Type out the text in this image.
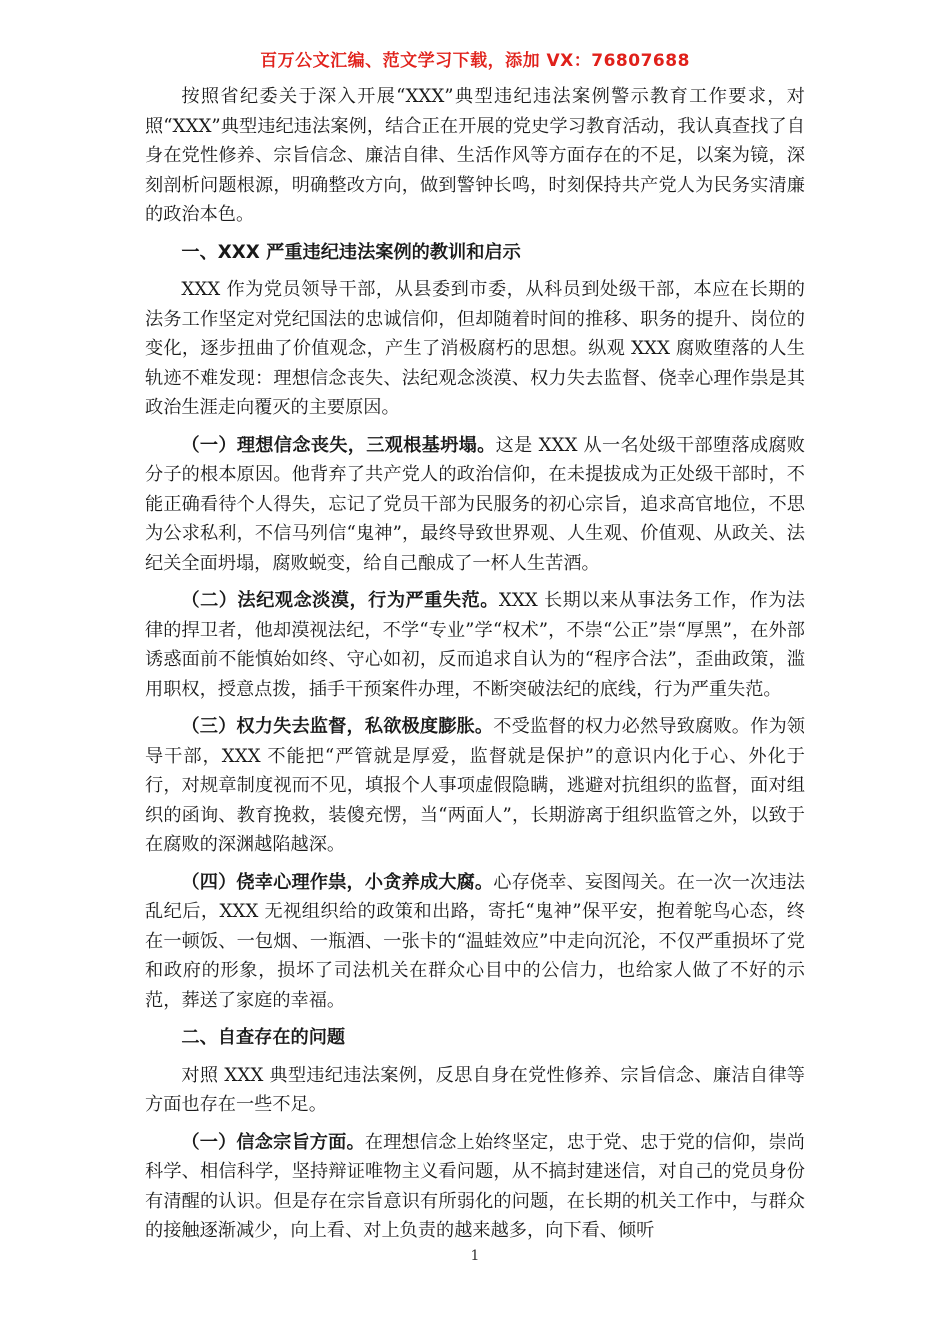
百万公文汇编、范文学习下载，添加 VX：76807688

按照省纪委关于深入开展“XXX”典型违纪违法案例警示教育工作要求，对照“XXX”典型违纪违法案例，结合正在开展的党史学习教育活动，我认真查找了自身在党性修养、宗旨信念、廉洁自律、生活作风等方面存在的不足，以案为镜，深刻剖析问题根源，明确整改方向，做到警钟长鸣，时刻保持共产党人为民务实清廉的政治本色。

一、XXX 严重违纪违法案例的教训和启示

XXX 作为党员领导干部，从县委到市委，从科员到处级干部，本应在长期的法务工作坚定对党纪国法的忠诚信仰，但却随着时间的推移、职务的提升、岗位的变化，逐步扭曲了价值观念，产生了消极腐朽的思想。纵观 XXX 腐败堕落的人生轨迹不难发现：理想信念丧失、法纪观念淡漠、权力失去监督、侥幸心理作祟是其政治生涯走向覆灭的主要原因。

（一）理想信念丧失，三观根基坍塌。这是 XXX 从一名处级干部堕落成腐败分子的根本原因。他背弃了共产党人的政治信仰，在未提拔成为正处级干部时，不能正确看待个人得失，忘记了党员干部为民服务的初心宗旨，追求高官地位，不思为公求私利，不信马列信“鬼神”，最终导致世界观、人生观、价值观、从政关、法纪关全面坍塌，腐败蜕变，给自己酿成了一杯人生苦酒。

（二）法纪观念淡漠，行为严重失范。XXX 长期以来从事法务工作，作为法律的捍卫者，他却漠视法纪，不学“专业”学“权术”，不崇“公正”崇“厚黑”，在外部诱惑面前不能慎始如终、守心如初，反而追求自认为的“程序合法”，歪曲政策，滥用职权，授意点拨，插手干预案件办理，不断突破法纪的底线，行为严重失范。

（三）权力失去监督，私欲极度膨胀。不受监督的权力必然导致腐败。作为领导干部，XXX 不能把“严管就是厚爱，监督就是保护”的意识内化于心、外化于行，对规章制度视而不见，填报个人事项虚假隐瞒，逃避对抗组织的监督，面对组织的函询、教育挽救，装傻充愣，当“两面人”，长期游离于组织监管之外，以致于在腐败的深渊越陷越深。

（四）侥幸心理作祟，小贪养成大腐。心存侥幸、妄图闯关。在一次一次违法乱纪后，XXX 无视组织给的政策和出路，寄托“鬼神”保平安，抱着鸵鸟心态，终在一顿饭、一包烟、一瓶酒、一张卡的“温蛙效应”中走向沉沦，不仅严重损坏了党和政府的形象，损坏了司法机关在群众心目中的公信力，也给家人做了不好的示范，葬送了家庭的幸福。

二、自查存在的问题

对照 XXX 典型违纪违法案例，反思自身在党性修养、宗旨信念、廉洁自律等方面也存在一些不足。

（一）信念宗旨方面。在理想信念上始终坚定，忠于党、忠于党的信仰，崇尚科学、相信科学，坚持辩证唯物主义看问题，从不搞封建迷信，对自己的党员身份有清醒的认识。但是存在宗旨意识有所弱化的问题，在长期的机关工作中，与群众的接触逐渐减少，向上看、对上负责的越来越多，向下看、倾听

1
